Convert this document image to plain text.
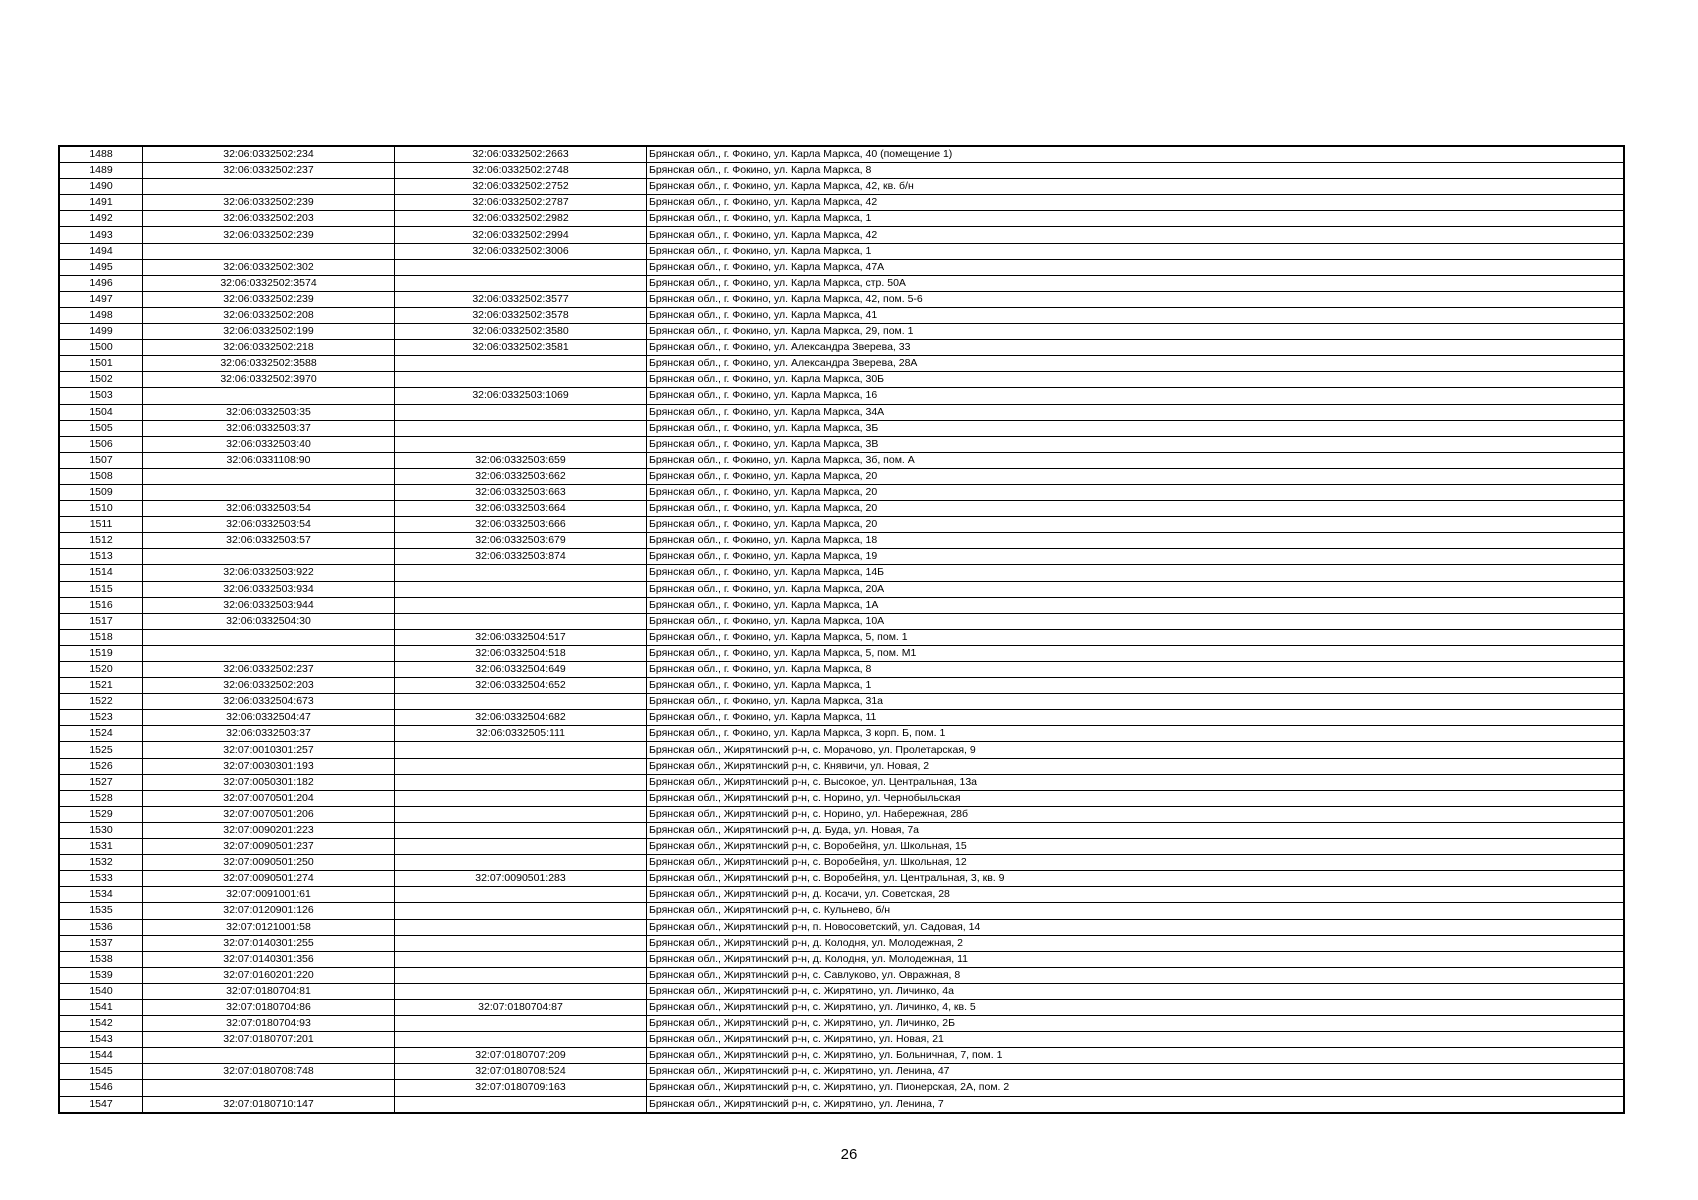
1488	32:06:0332502:234	32:06:0332502:2663	Брянская обл., г. Фокино, ул. Карла Маркса, 40 (помещение 1)
1489	32:06:0332502:237	32:06:0332502:2748	Брянская обл., г. Фокино, ул. Карла Маркса, 8
1490		32:06:0332502:2752	Брянская обл., г. Фокино, ул. Карла Маркса, 42, кв. б/н
1491	32:06:0332502:239	32:06:0332502:2787	Брянская обл., г. Фокино, ул. Карла Маркса, 42
1492	32:06:0332502:203	32:06:0332502:2982	Брянская обл., г. Фокино, ул. Карла Маркса, 1
1493	32:06:0332502:239	32:06:0332502:2994	Брянская обл., г. Фокино, ул. Карла Маркса, 42
1494		32:06:0332502:3006	Брянская обл., г. Фокино, ул. Карла Маркса, 1
1495	32:06:0332502:302		Брянская обл., г. Фокино, ул. Карла Маркса, 47А
1496	32:06:0332502:3574		Брянская обл., г. Фокино, ул. Карла Маркса, стр. 50А
1497	32:06:0332502:239	32:06:0332502:3577	Брянская обл., г. Фокино, ул. Карла Маркса, 42, пом. 5-6
1498	32:06:0332502:208	32:06:0332502:3578	Брянская обл., г. Фокино, ул. Карла Маркса, 41
1499	32:06:0332502:199	32:06:0332502:3580	Брянская обл., г. Фокино, ул. Карла Маркса, 29, пом. 1
1500	32:06:0332502:218	32:06:0332502:3581	Брянская обл., г. Фокино, ул. Александра Зверева, 33
1501	32:06:0332502:3588		Брянская обл., г. Фокино, ул. Александра Зверева, 28А
1502	32:06:0332502:3970		Брянская обл., г. Фокино, ул. Карла Маркса, 30Б
1503		32:06:0332503:1069	Брянская обл., г. Фокино, ул. Карла Маркса, 16
1504	32:06:0332503:35		Брянская обл., г. Фокино, ул. Карла Маркса, 34А
1505	32:06:0332503:37		Брянская обл., г. Фокино, ул. Карла Маркса, 3Б
1506	32:06:0332503:40		Брянская обл., г. Фокино, ул. Карла Маркса, 3В
1507	32:06:0331108:90	32:06:0332503:659	Брянская обл., г. Фокино, ул. Карла Маркса, 3б, пом. А
1508		32:06:0332503:662	Брянская обл., г. Фокино, ул. Карла Маркса, 20
1509		32:06:0332503:663	Брянская обл., г. Фокино, ул. Карла Маркса, 20
1510	32:06:0332503:54	32:06:0332503:664	Брянская обл., г. Фокино, ул. Карла Маркса, 20
1511	32:06:0332503:54	32:06:0332503:666	Брянская обл., г. Фокино, ул. Карла Маркса, 20
1512	32:06:0332503:57	32:06:0332503:679	Брянская обл., г. Фокино, ул. Карла Маркса, 18
1513		32:06:0332503:874	Брянская обл., г. Фокино, ул. Карла Маркса, 19
1514	32:06:0332503:922		Брянская обл., г. Фокино, ул. Карла Маркса, 14Б
1515	32:06:0332503:934		Брянская обл., г. Фокино, ул. Карла Маркса, 20А
1516	32:06:0332503:944		Брянская обл., г. Фокино, ул. Карла Маркса, 1А
1517	32:06:0332504:30		Брянская обл., г. Фокино, ул. Карла Маркса, 10А
1518		32:06:0332504:517	Брянская обл., г. Фокино, ул. Карла Маркса, 5, пом. 1
1519		32:06:0332504:518	Брянская обл., г. Фокино, ул. Карла Маркса, 5, пом. М1
1520	32:06:0332502:237	32:06:0332504:649	Брянская обл., г. Фокино, ул. Карла Маркса, 8
1521	32:06:0332502:203	32:06:0332504:652	Брянская обл., г. Фокино, ул. Карла Маркса, 1
1522	32:06:0332504:673		Брянская обл., г. Фокино, ул. Карла Маркса, 31а
1523	32:06:0332504:47	32:06:0332504:682	Брянская обл., г. Фокино, ул. Карла Маркса, 11
1524	32:06:0332503:37	32:06:0332505:111	Брянская обл., г. Фокино, ул. Карла Маркса, 3 корп. Б, пом. 1
1525	32:07:0010301:257		Брянская обл., Жирятинский р-н, с. Морачово, ул. Пролетарская, 9
1526	32:07:0030301:193		Брянская обл., Жирятинский р-н, с. Княвичи, ул. Новая, 2
1527	32:07:0050301:182		Брянская обл., Жирятинский р-н, с. Высокое, ул. Центральная, 13а
1528	32:07:0070501:204		Брянская обл., Жирятинский р-н, с. Норино, ул. Чернобыльская
1529	32:07:0070501:206		Брянская обл., Жирятинский р-н, с. Норино, ул. Набережная, 28б
1530	32:07:0090201:223		Брянская обл., Жирятинский р-н, д. Буда, ул. Новая, 7а
1531	32:07:0090501:237		Брянская обл., Жирятинский р-н, с. Воробейня, ул. Школьная, 15
1532	32:07:0090501:250		Брянская обл., Жирятинский р-н, с. Воробейня, ул. Школьная, 12
1533	32:07:0090501:274	32:07:0090501:283	Брянская обл., Жирятинский р-н, с. Воробейня, ул. Центральная, 3, кв. 9
1534	32:07:0091001:61		Брянская обл., Жирятинский р-н, д. Косачи, ул. Советская, 28
1535	32:07:0120901:126		Брянская обл., Жирятинский р-н, с. Кульнево, б/н
1536	32:07:0121001:58		Брянская обл., Жирятинский р-н, п. Новосоветский, ул. Садовая, 14
1537	32:07:0140301:255		Брянская обл., Жирятинский р-н, д. Колодня, ул. Молодежная, 2
1538	32:07:0140301:356		Брянская обл., Жирятинский р-н, д. Колодня, ул. Молодежная, 11
1539	32:07:0160201:220		Брянская обл., Жирятинский р-н, с. Савлуково, ул. Овражная, 8
1540	32:07:0180704:81		Брянская обл., Жирятинский р-н, с. Жирятино, ул. Личинко, 4а
1541	32:07:0180704:86	32:07:0180704:87	Брянская обл., Жирятинский р-н, с. Жирятино, ул. Личинко, 4, кв. 5
1542	32:07:0180704:93		Брянская обл., Жирятинский р-н, с. Жирятино, ул. Личинко, 2Б
1543	32:07:0180707:201		Брянская обл., Жирятинский р-н, с. Жирятино, ул. Новая, 21
1544		32:07:0180707:209	Брянская обл., Жирятинский р-н, с. Жирятино, ул. Больничная, 7, пом. 1
1545	32:07:0180708:748	32:07:0180708:524	Брянская обл., Жирятинский р-н, с. Жирятино, ул. Ленина, 47
1546		32:07:0180709:163	Брянская обл., Жирятинский р-н, с. Жирятино, ул. Пионерская, 2А, пом. 2
1547	32:07:0180710:147		Брянская обл., Жирятинский р-н, с. Жирятино, ул. Ленина, 7
26
